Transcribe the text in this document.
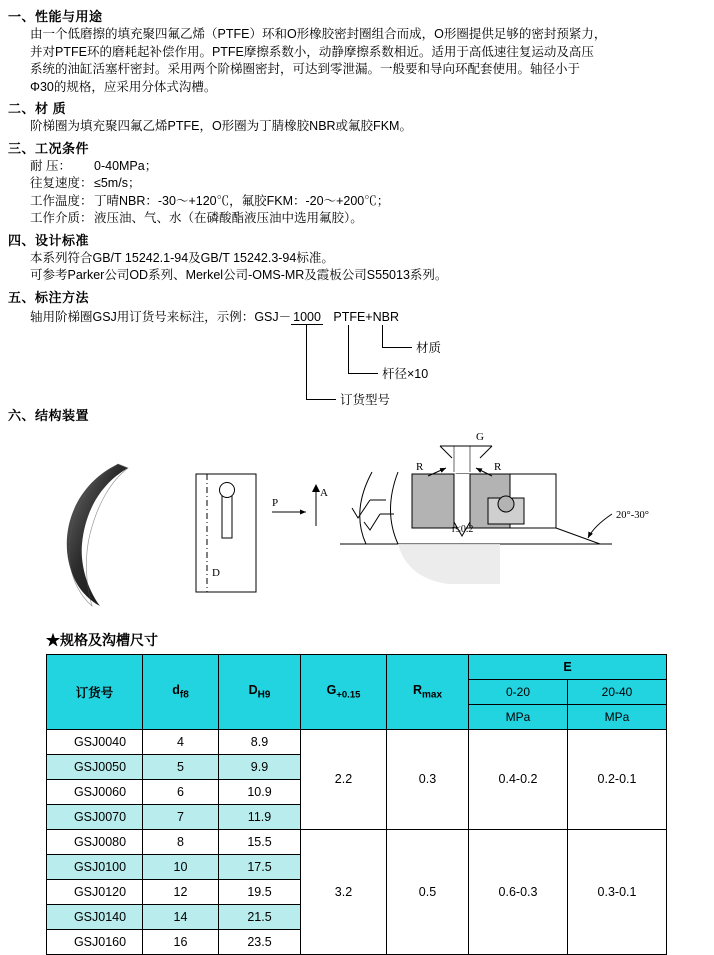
一、性能与用途

由一个低磨擦的填充聚四氟乙烯（PTFE）环和O形橡胶密封圈组合而成，O形圈提供足够的密封预紧力，

并对PTFE环的磨耗起补偿作用。PTFE摩擦系数小，动静摩擦系数相近。适用于高低速往复运动及高压

系统的油缸活塞杆密封。采用两个阶梯圈密封，可达到零泄漏。一般要和导向环配套使用。轴径小于

Φ30的规格，应采用分体式沟槽。

二、材 质

阶梯圈为填充聚四氟乙烯PTFE，O形圈为丁腈橡胶NBR或氟胶FKM。

三、工况条件

耐 压： 0-40MPa；

往复速度：≤5m/s；

工作温度：丁晴NBR：-30～+120℃，氟胶FKM：-20～+200℃；

工作介质：液压油、气、水（在磷酸酯液压油中选用氟胶）。

四、设计标准

本系列符合GB/T 15242.1-94及GB/T 15242.3-94标准。

可参考Parker公司OD系列、Merkel公司-OMS-MR及霞板公司S55013系列。

五、标注方法
轴用阶梯圈GSJ用订货号来标注，示例：GSJ－ 1000 PTFE+NBR
材质
杆径×10
订货型号
六、结构装置
D
P
A
G
R	R
r≤0.2
20°-30°
★规格及沟槽尺寸
订货号	$d_{f8}$	$D_{H9}$	$G_{+0.15}$	$R_{max}$	E	
					0-20	20-40
					MPa	MPa
GSJ0040	4	8.9	2.2	0.3	0.4-0.2	0.2-0.1
GSJ0050	5	9.9				
GSJ0060	6	10.9				
GSJ0070	7	11.9				
GSJ0080	8	15.5	3.2	0.5	0.6-0.3	0.3-0.1
GSJ0100	10	17.5				
GSJ0120	12	19.5				
GSJ0140	14	21.5				
GSJ0160	16	23.5				
